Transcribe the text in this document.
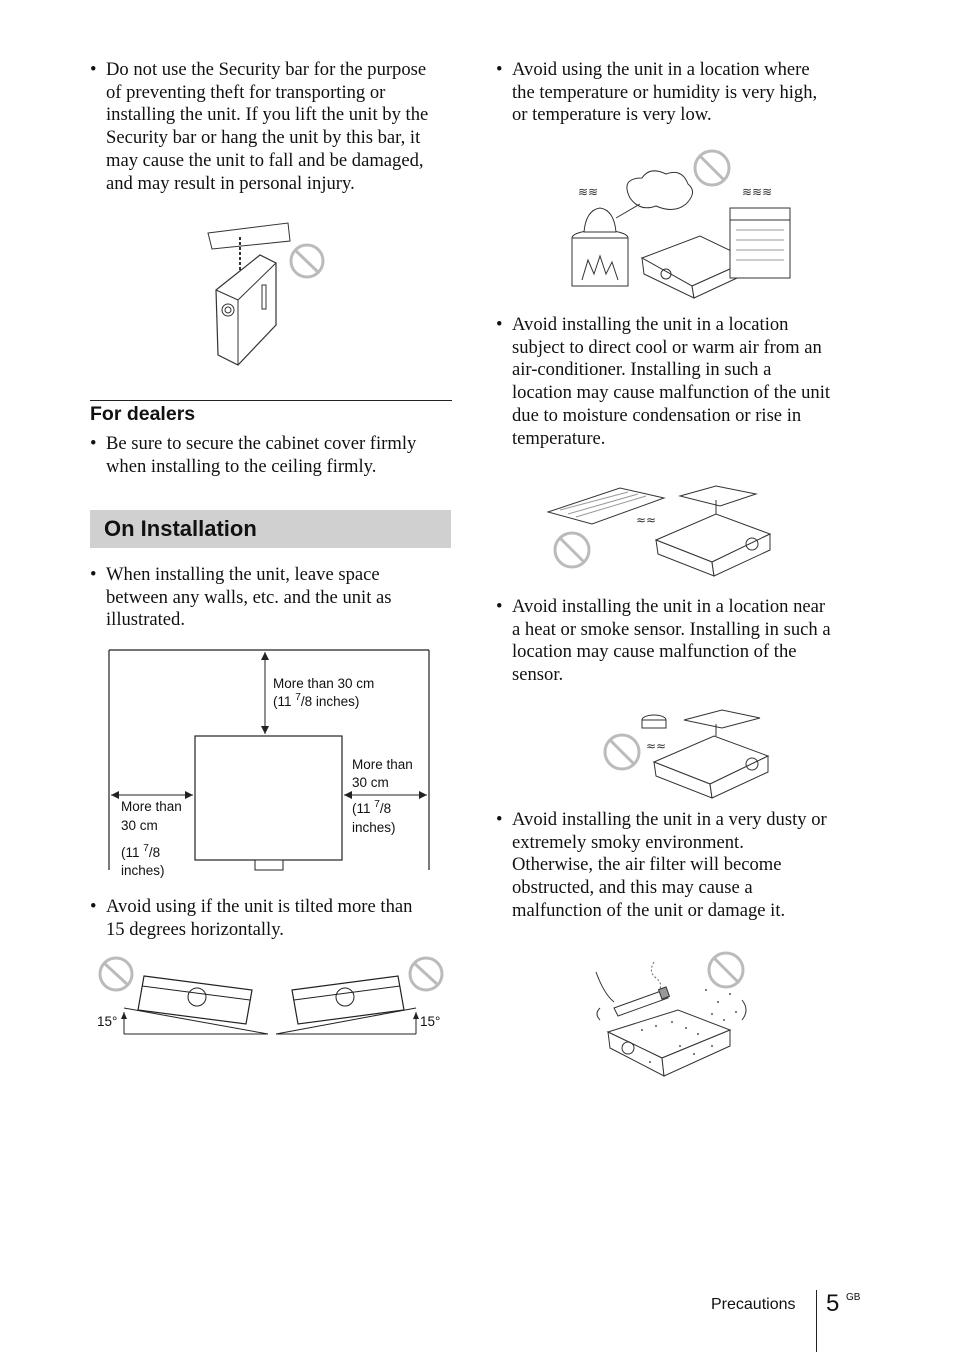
• Do not use the Security bar for the purpose
of preventing theft for transporting or
installing the unit. If you lift the unit by the
Security bar or hang the unit by this bar, it
may cause the unit to fall and be damaged,
and may result in personal injury.
For dealers
• Be sure to secure the cabinet cover firmly
when installing to the ceiling firmly.
On Installation
• When installing the unit, leave space
between any walls, etc. and the unit as
illustrated.
More than 30 cm
(11 $^7$/8 inches)
More than
30 cm
(11 $^7$/8
inches)
More than
30 cm
(11 $^7$/8
inches)
• Avoid using if the unit is tilted more than
15 degrees horizontally.
15°	15°
• Avoid using the unit in a location where
the temperature or humidity is very high,
or temperature is very low.
≋≋	≋≋≋
• Avoid installing the unit in a location
subject to direct cool or warm air from an
air-conditioner. Installing in such a
location may cause malfunction of the unit
due to moisture condensation or rise in
temperature.
≈≈
• Avoid installing the unit in a location near
a heat or smoke sensor. Installing in such a
location may cause malfunction of the
sensor.
≈≈
• Avoid installing the unit in a very dusty or
extremely smoky environment.
Otherwise, the air filter will become
obstructed, and this may cause a
malfunction of the unit or damage it.
Precautions 5 GB
